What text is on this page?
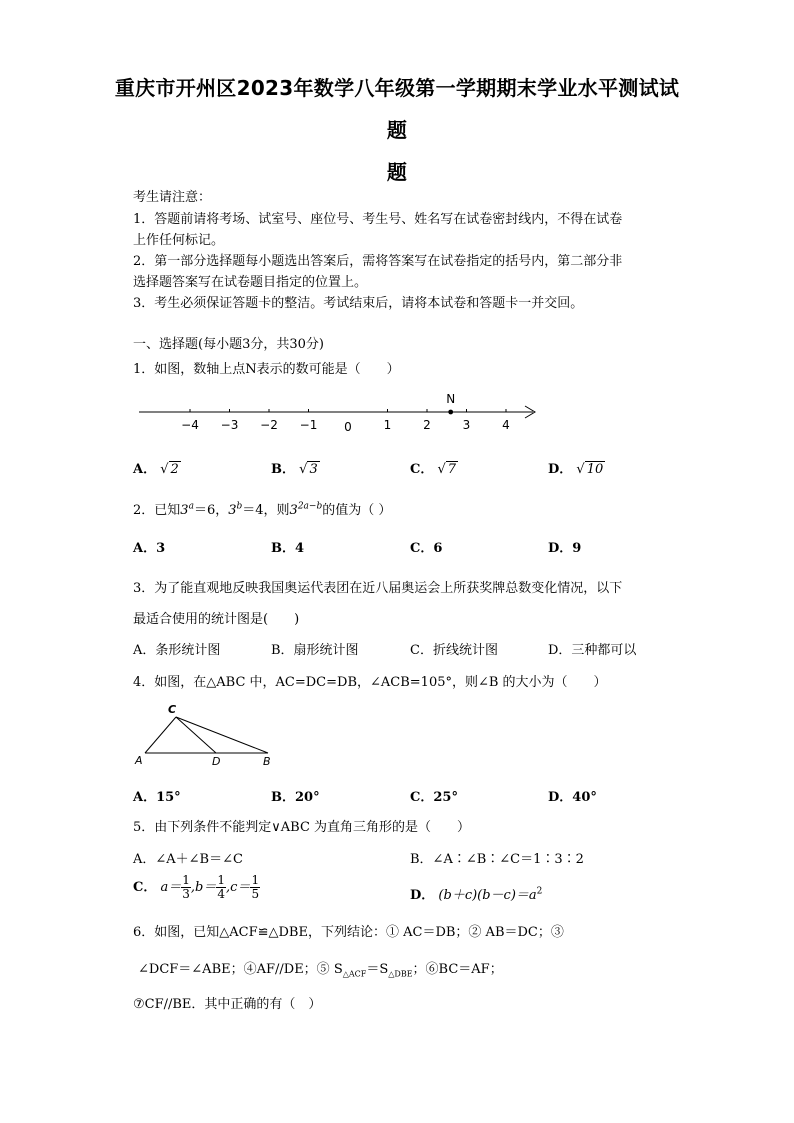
重庆市开州区2023年数学八年级第一学期期末学业水平测试试
题
题
考生请注意：
1．答题前请将考场、试室号、座位号、考生号、姓名写在试卷密封线内，不得在试卷
上作任何标记。
2．第一部分选择题每小题选出答案后，需将答案写在试卷指定的括号内，第二部分非
选择题答案写在试卷题目指定的位置上。
3．考生必须保证答题卡的整洁。考试结束后，请将本试卷和答题卡一并交回。
一、选择题(每小题3分，共30分)
1．如图，数轴上点N表示的数可能是（　　）
−4 −3 −2 −1 0	1	2	3	4
N
A． √ 2	B． √ 3	C． √ 7	D． √ 10
2．已知$3^a=6$，$3^b=4$，则$3^{2a-b}$的值为（ ）
A．3	B．4	C．6	D．9
3．为了能直观地反映我国奥运代表团在近八届奥运会上所获奖牌总数变化情况，以下
最适合使用的统计图是(　　)
A．条形统计图	B．扇形统计图	C．折线统计图	D．三种都可以
4．如图，在△ABC 中，AC=DC=DB，∠ACB=105°，则∠B 的大小为（　　）
C
A	D	B
A．15°	B．20°	C．25°	D．40°
5．由下列条件不能判定∨ABC 为直角三角形的是（　　）
A．∠A＋∠B＝∠C	B．∠A∶∠B∶∠C＝1∶3∶2
C． $a= \frac{1}{3} ,b= \frac{1}{4} ,c= \frac{1}{5}$	D． $(b+c)(b-c)=a^2$
6．如图，已知△ACF≌△DBE，下列结论：① AC＝DB；② AB＝DC；③
∠DCF＝∠ABE；④AF//DE；⑤ $S_{\triangle ACF}=S_{\triangle DBE}$；⑥BC＝AF；
⑦CF//BE．其中正确的有（　）
